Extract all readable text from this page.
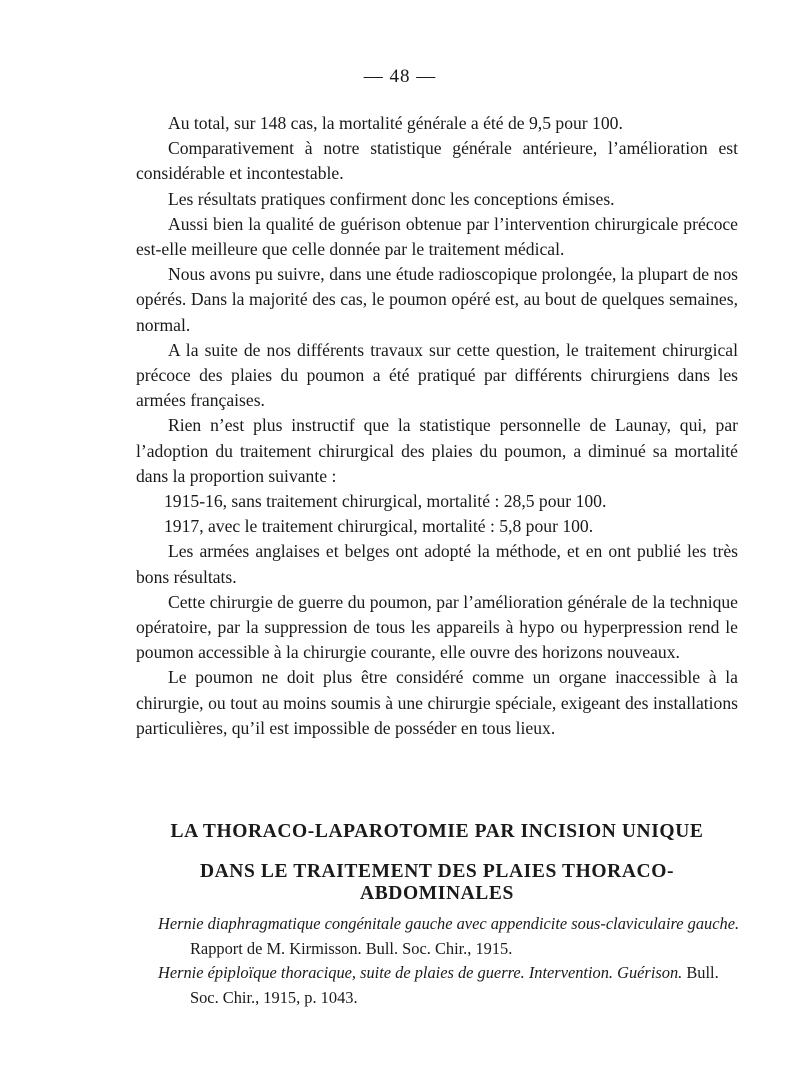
— 48 —

Au total, sur 148 cas, la mortalité générale a été de 9,5 pour 100.

Comparativement à notre statistique générale antérieure, l’amélioration est considérable et incontestable.

Les résultats pratiques confirment donc les conceptions émises.

Aussi bien la qualité de guérison obtenue par l’intervention chirurgicale précoce est-elle meilleure que celle donnée par le traitement médical.

Nous avons pu suivre, dans une étude radioscopique prolongée, la plupart de nos opérés. Dans la majorité des cas, le poumon opéré est, au bout de quelques semaines, normal.

A la suite de nos différents travaux sur cette question, le traitement chirurgical précoce des plaies du poumon a été pratiqué par différents chirurgiens dans les armées françaises.

Rien n’est plus instructif que la statistique personnelle de Launay, qui, par l’adoption du traitement chirurgical des plaies du poumon, a diminué sa mortalité dans la proportion suivante :

1915-16, sans traitement chirurgical, mortalité : 28,5 pour 100.

1917, avec le traitement chirurgical, mortalité : 5,8 pour 100.

Les armées anglaises et belges ont adopté la méthode, et en ont publié les très bons résultats.

Cette chirurgie de guerre du poumon, par l’amélioration générale de la technique opératoire, par la suppression de tous les appareils à hypo ou hyperpression rend le poumon accessible à la chirurgie courante, elle ouvre des horizons nouveaux.

Le poumon ne doit plus être considéré comme un organe inaccessible à la chirurgie, ou tout au moins soumis à une chirurgie spéciale, exigeant des installations particulières, qu’il est impossible de posséder en tous lieux.

LA THORACO-LAPAROTOMIE PAR INCISION UNIQUE
DANS LE TRAITEMENT DES PLAIES THORACO-ABDOMINALES

Hernie diaphragmatique congénitale gauche avec appendicite sous-claviculaire gauche. Rapport de M. Kirmisson. Bull. Soc. Chir., 1915.

Hernie épiploïque thoracique, suite de plaies de guerre. Intervention. Guérison. Bull. Soc. Chir., 1915, p. 1043.
